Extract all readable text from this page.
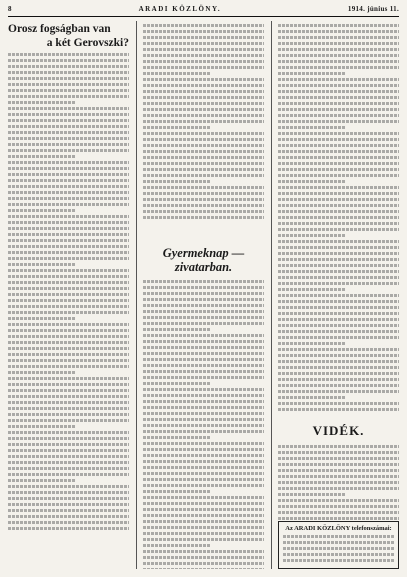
8	ARADI KÖZLÖNY.	1914. június 11.
Orosz fogságban van
a két Gerovszki?
Gyermeknap — zivatarban.
VIDÉK.
Az ARADI KÖZLÖNY telefonszámai:
